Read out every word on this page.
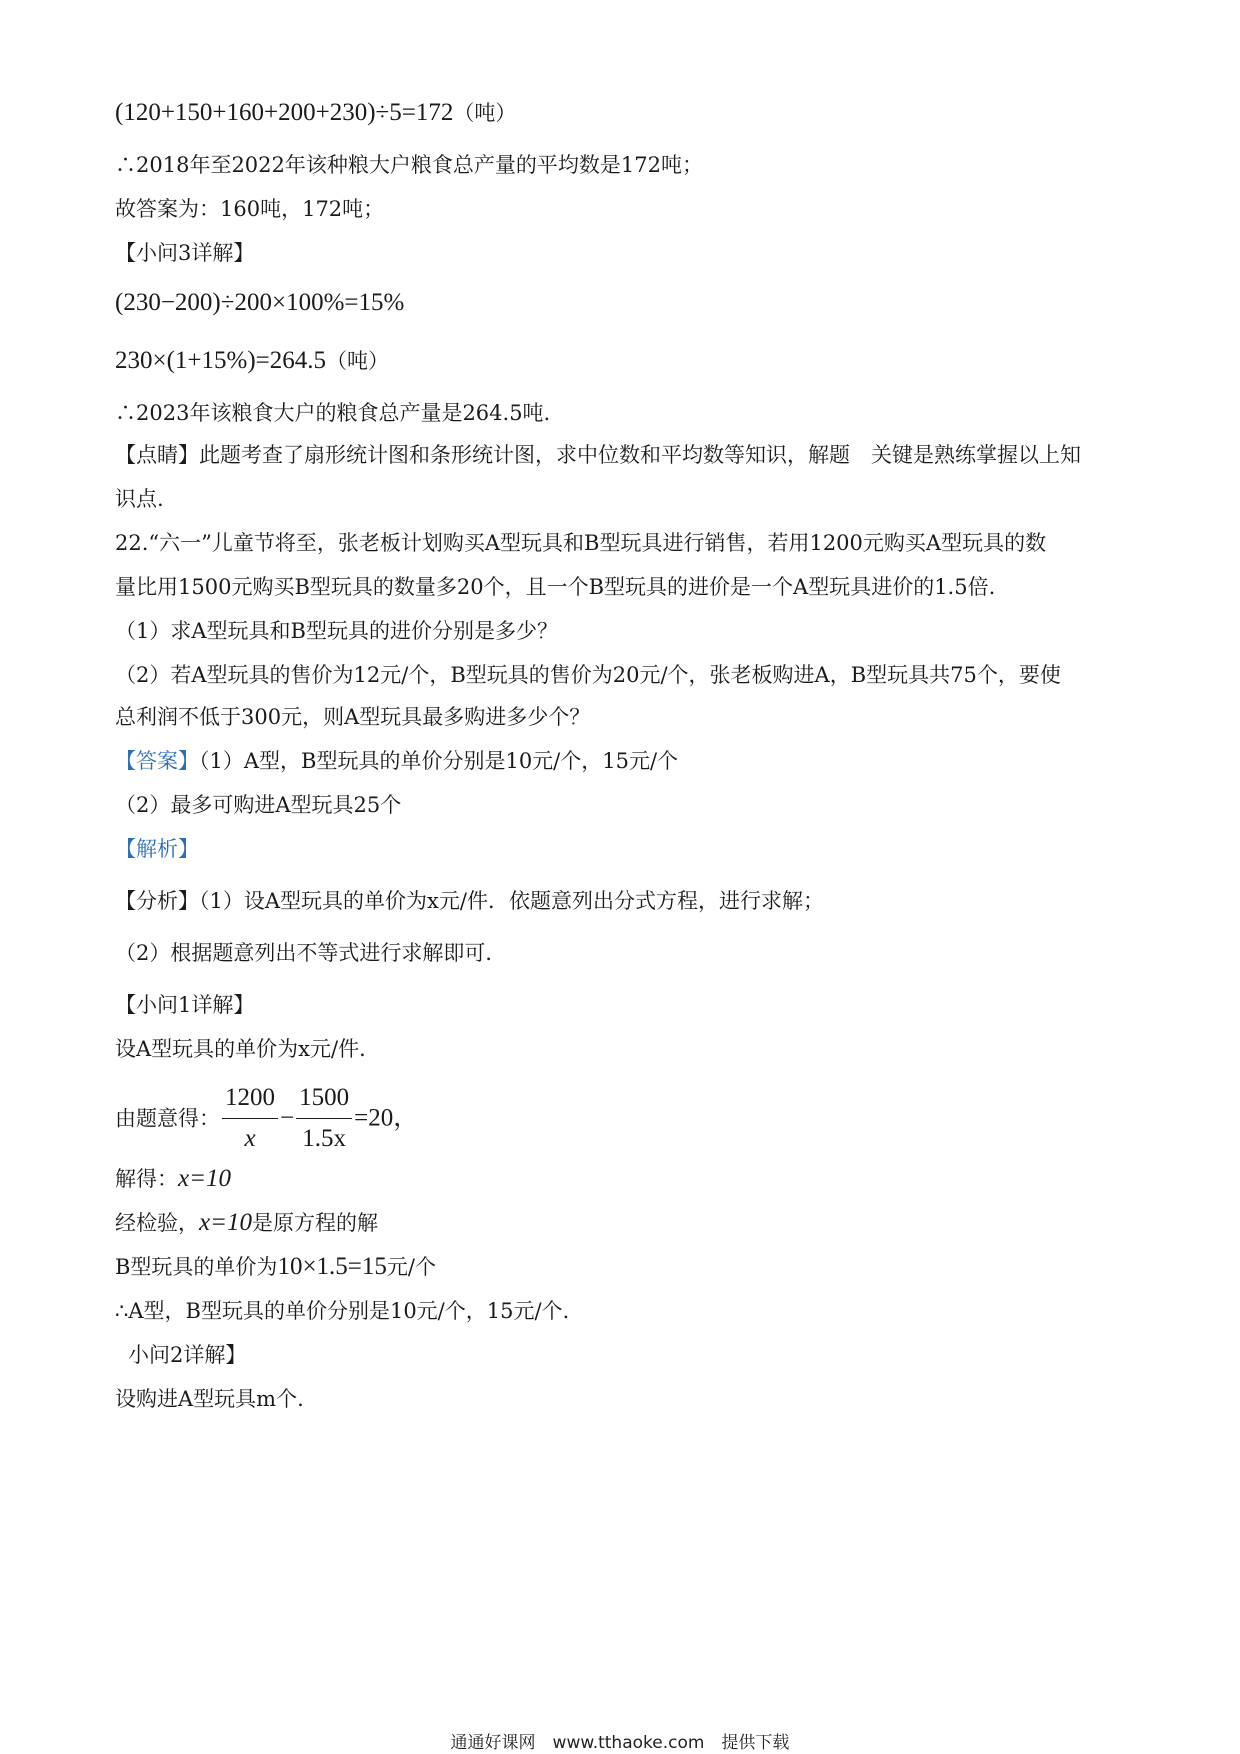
(120+150+160+200+230)÷5=172（吨）
∴2018年至2022年该种粮大户粮食总产量的平均数是172吨；
故答案为：160吨，172吨；
【小问3详解】
(230−200)÷200×100%=15%
230×(1+15%)=264.5（吨）
∴2023年该粮食大户的粮食总产量是264.5吨.
【点睛】此题考查了扇形统计图和条形统计图，求中位数和平均数等知识，解题　关键是熟练掌握以上知
识点.
22.“六一”儿童节将至，张老板计划购买A型玩具和B型玩具进行销售，若用1200元购买A型玩具的数
量比用1500元购买B型玩具的数量多20个，且一个B型玩具的进价是一个A型玩具进价的1.5倍.
（1）求A型玩具和B型玩具的进价分别是多少？
（2）若A型玩具的售价为12元/个，B型玩具的售价为20元/个，张老板购进A，B型玩具共75个，要使
总利润不低于300元，则A型玩具最多购进多少个？
【答案】（1）A型，B型玩具的单价分别是10元/个，15元/个
（2）最多可购进A型玩具25个
【解析】
【分析】（1）设A型玩具的单价为x元/件．依题意列出分式方程，进行求解；
（2）根据题意列出不等式进行求解即可．
【小问1详解】
设A型玩具的单价为x元/件．
由题意得： $\frac{1200}{x} - \frac{1500}{1.5x} =20$，
解得：x=10
经检验，x=10是原方程的解
B型玩具的单价为10×1.5=15元/个
∴A型，B型玩具的单价分别是10元/个，15元/个.
小问2详解】
设购进A型玩具m个.
通通好课网　www.tthaoke.com　提供下载
